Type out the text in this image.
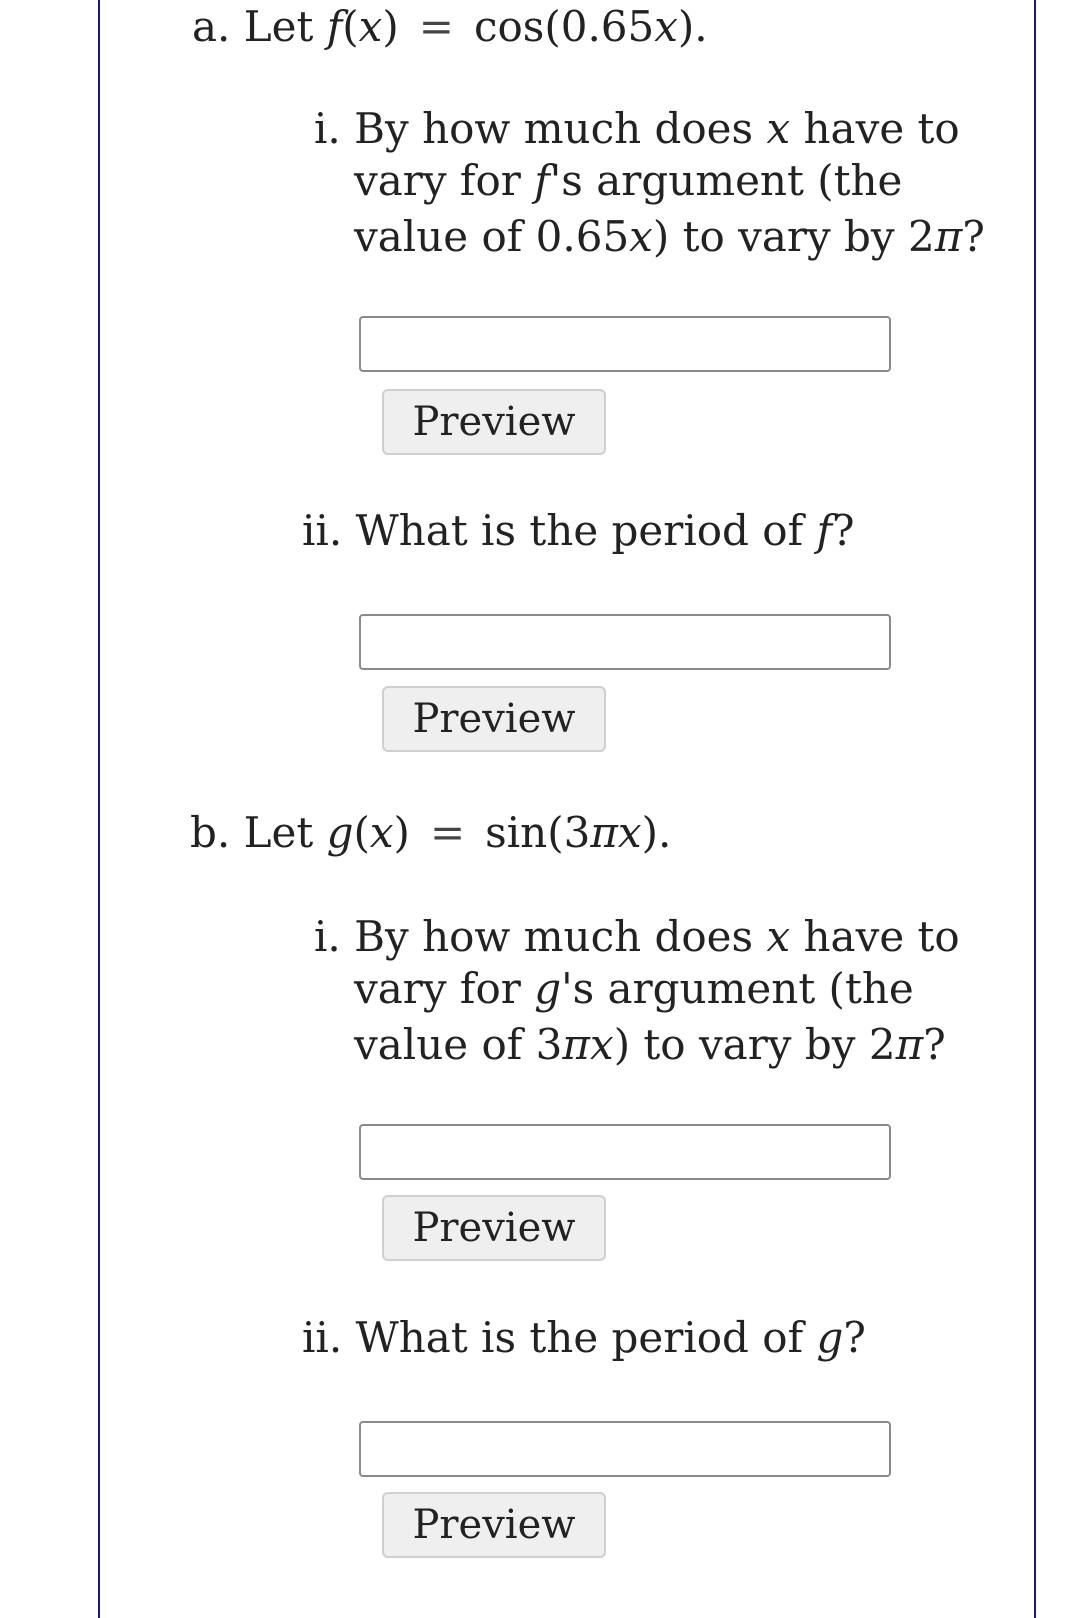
a. Let f(x) = cos(0.65x).
i. By how much does x have to
vary for f's argument (the
value of 0.65x) to vary by 2π?
Preview
ii. What is the period of f?
Preview
b. Let g(x) = sin(3πx).
i. By how much does x have to
vary for g's argument (the
value of 3πx) to vary by 2π?
Preview
ii. What is the period of g?
Preview
